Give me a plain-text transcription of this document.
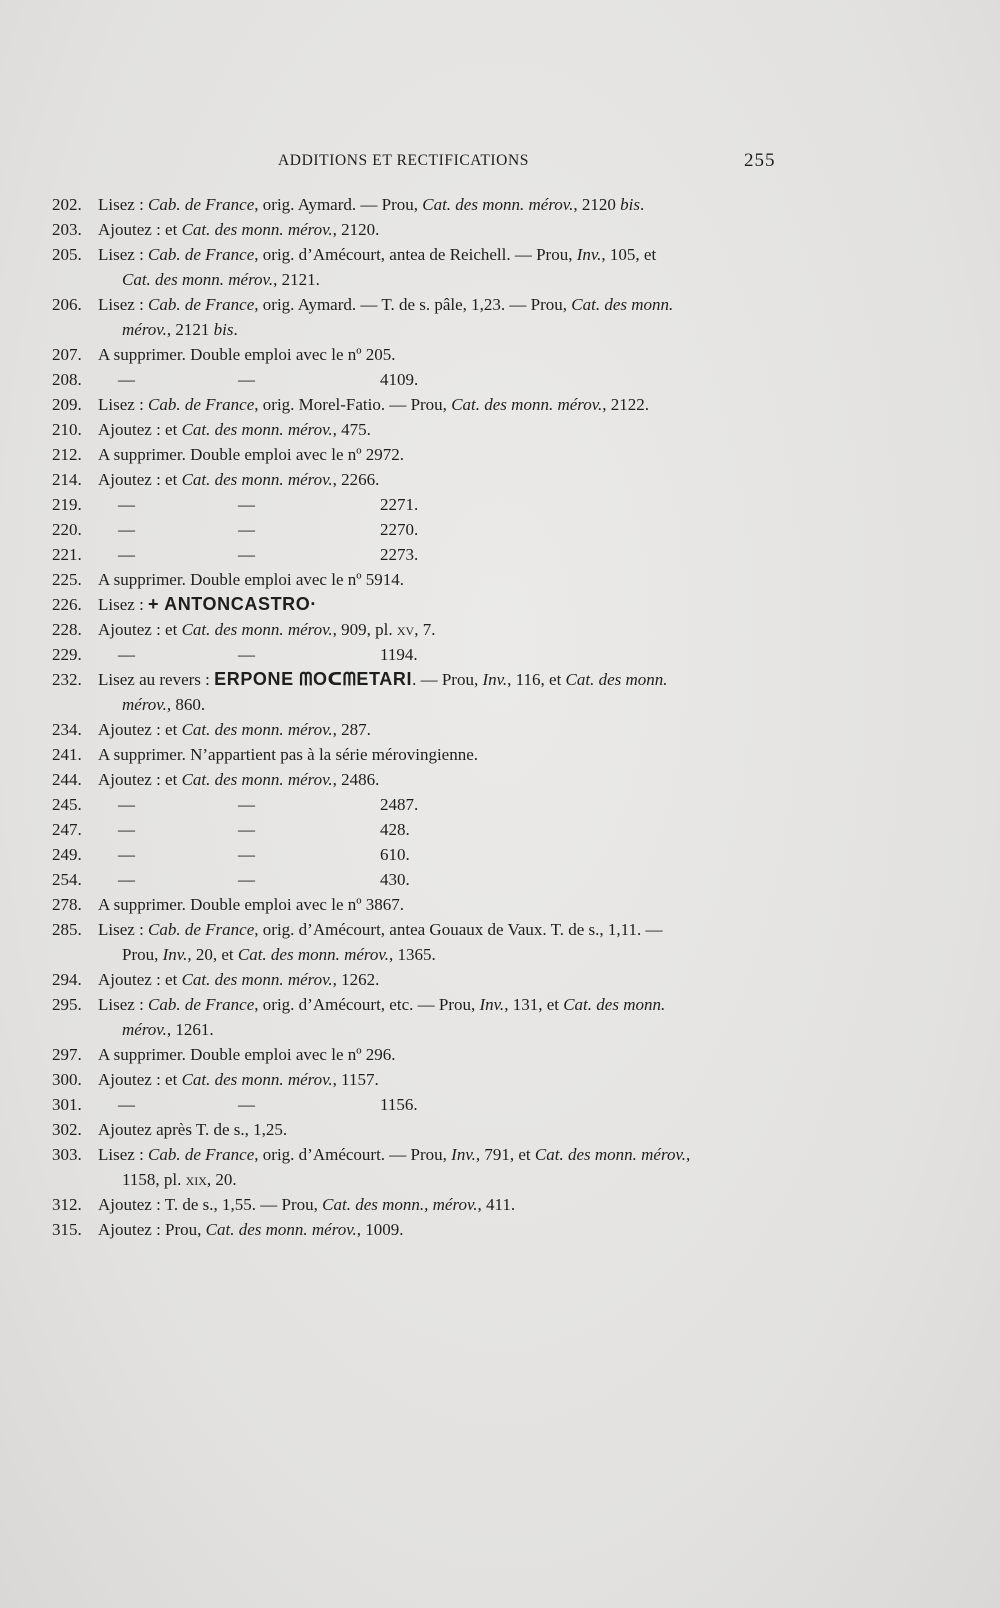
ADDITIONS ET RECTIFICATIONS	255
202. Lisez : Cab. de France, orig. Aymard. — Prou, Cat. des monn. mérov., 2120 bis.
203. Ajoutez : et Cat. des monn. mérov., 2120.
205. Lisez : Cab. de France, orig. d’Amécourt, antea de Reichell. — Prou, Inv., 105, et
Cat. des monn. mérov., 2121.
206. Lisez : Cab. de France, orig. Aymard. — T. de s. pâle, 1,23. — Prou, Cat. des monn.
mérov., 2121 bis.
207. A supprimer. Double emploi avec le nº 205.
208. —	—	4109.
209. Lisez : Cab. de France, orig. Morel-Fatio. — Prou, Cat. des monn. mérov., 2122.
210. Ajoutez : et Cat. des monn. mérov., 475.
212. A supprimer. Double emploi avec le nº 2972.
214. Ajoutez : et Cat. des monn. mérov., 2266.
219. —	—	2271.
220. —	—	2270.
221. —	—	2273.
225. A supprimer. Double emploi avec le nº 5914.
226. Lisez : + ANTONCASTRO·
228. Ajoutez : et Cat. des monn. mérov., 909, pl. xv, 7.
229. —	—	1194.
232. Lisez au revers : ERPONE ᗰOᑕᗰETARI. — Prou, Inv., 116, et Cat. des monn.
mérov., 860.
234. Ajoutez : et Cat. des monn. mérov., 287.
241. A supprimer. N’appartient pas à la série mérovingienne.
244. Ajoutez : et Cat. des monn. mérov., 2486.
245. —	—	2487.
247. —	—	428.
249. —	—	610.
254. —	—	430.
278. A supprimer. Double emploi avec le nº 3867.
285. Lisez : Cab. de France, orig. d’Amécourt, antea Gouaux de Vaux. T. de s., 1,11. —
Prou, Inv., 20, et Cat. des monn. mérov., 1365.
294. Ajoutez : et Cat. des monn. mérov., 1262.
295. Lisez : Cab. de France, orig. d’Amécourt, etc. — Prou, Inv., 131, et Cat. des monn.
mérov., 1261.
297. A supprimer. Double emploi avec le nº 296.
300. Ajoutez : et Cat. des monn. mérov., 1157.
301. —	—	1156.
302. Ajoutez après T. de s., 1,25.
303. Lisez : Cab. de France, orig. d’Amécourt. — Prou, Inv., 791, et Cat. des monn. mérov.,
1158, pl. xix, 20.
312. Ajoutez : T. de s., 1,55. — Prou, Cat. des monn., mérov., 411.
315. Ajoutez : Prou, Cat. des monn. mérov., 1009.
